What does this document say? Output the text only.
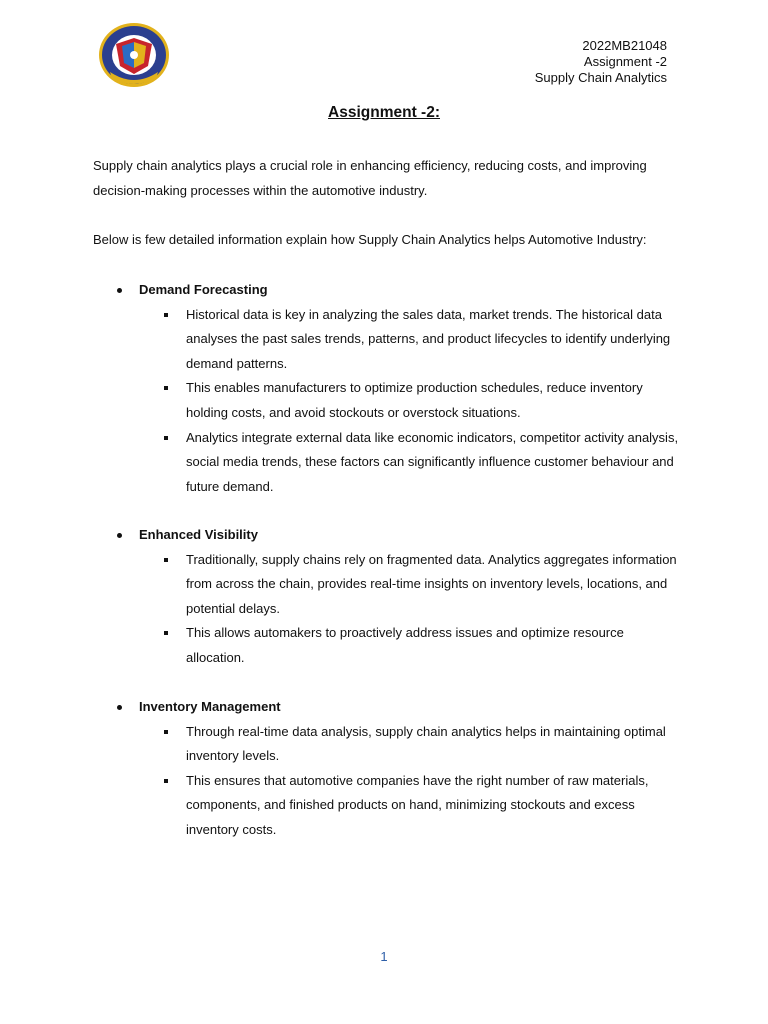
2022MB21048
Assignment -2
Supply Chain Analytics
Assignment -2:
Supply chain analytics plays a crucial role in enhancing efficiency, reducing costs, and improving decision-making processes within the automotive industry.
Below is few detailed information explain how Supply Chain Analytics helps Automotive Industry:
Demand Forecasting
Historical data is key in analyzing the sales data, market trends. The historical data analyses the past sales trends, patterns, and product lifecycles to identify underlying demand patterns.
This enables manufacturers to optimize production schedules, reduce inventory holding costs, and avoid stockouts or overstock situations.
Analytics integrate external data like economic indicators, competitor activity analysis, social media trends, these factors can significantly influence customer behaviour and future demand.
Enhanced Visibility
Traditionally, supply chains rely on fragmented data. Analytics aggregates information from across the chain, provides real-time insights on inventory levels, locations, and potential delays.
This allows automakers to proactively address issues and optimize resource allocation.
Inventory Management
Through real-time data analysis, supply chain analytics helps in maintaining optimal inventory levels.
This ensures that automotive companies have the right number of raw materials, components, and finished products on hand, minimizing stockouts and excess inventory costs.
1
